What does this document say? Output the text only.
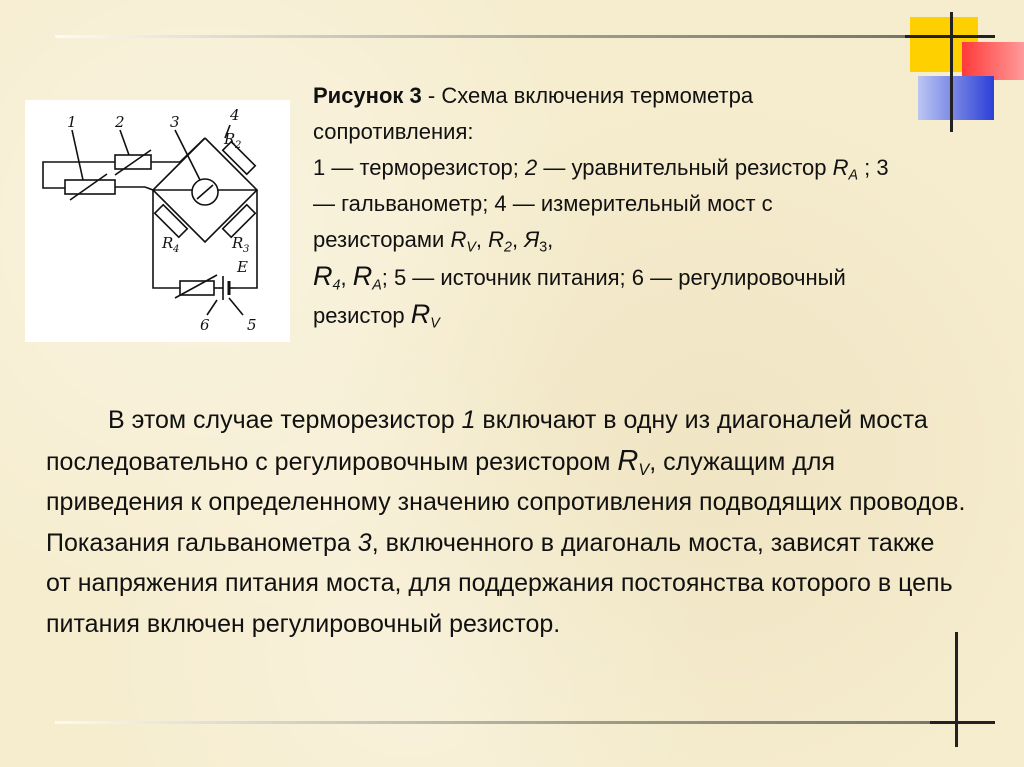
1	2	3	4
R 2
R 3
R 4
E
6 5
Рисунок 3 - Схема включения термометра сопротивления:
1 — терморезистор; 2 — уравнительный резистор $R_A$ ; 3 — гальванометр; 4 — измерительный мост с резисторами $R_V$, $R_2$, $Я_3$,
$R_4$, $R_A$; 5 — источник питания; 6 — регулировочный резистор $R_V$
В этом случае терморезистор 1 включают в одну из диагоналей моста последовательно с регулировочным резистором $R_V$, служащим для приведения к определенному значению сопротивления подводящих проводов. Показания гальванометра 3, включенного в диагональ моста, зависят также от напряжения питания моста, для поддержания постоянства которого в цепь питания включен регулировочный резистор.
